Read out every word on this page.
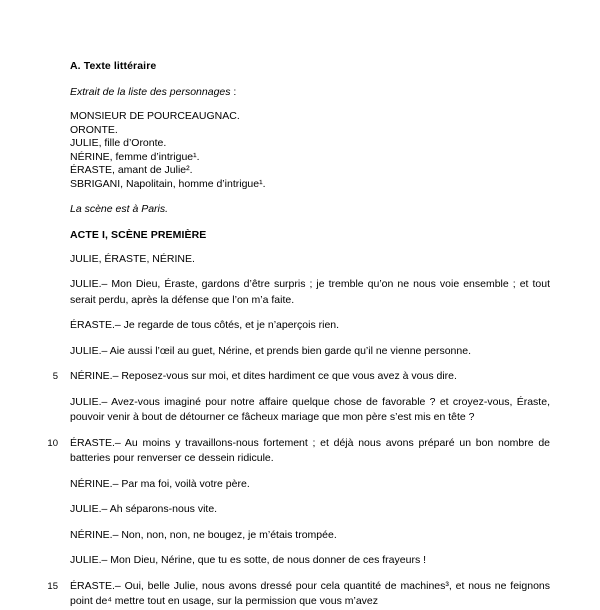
A. Texte littéraire
Extrait de la liste des personnages :
MONSIEUR DE POURCEAUGNAC.
ORONTE.
JULIE, fille d’Oronte.
NÉRINE, femme d’intrigue¹.
ÉRASTE, amant de Julie².
SBRIGANI, Napolitain, homme d’intrigue¹.
La scène est à Paris.
ACTE I, SCÈNE PREMIÈRE
JULIE, ÉRASTE, NÉRINE.
JULIE.– Mon Dieu, Éraste, gardons d’être surpris ; je tremble qu’on ne nous voie ensemble ; et tout serait perdu, après la défense que l’on m’a faite.
ÉRASTE.– Je regarde de tous côtés, et je n’aperçois rien.
JULIE.– Aie aussi l’œil au guet, Nérine, et prends bien garde qu’il ne vienne personne.
5 NÉRINE.– Reposez-vous sur moi, et dites hardiment ce que vous avez à vous dire.
JULIE.– Avez-vous imaginé pour notre affaire quelque chose de favorable ? et croyez-vous, Éraste, pouvoir venir à bout de détourner ce fâcheux mariage que mon père s’est mis en tête ?
10 ÉRASTE.– Au moins y travaillons-nous fortement ; et déjà nous avons préparé un bon nombre de batteries pour renverser ce dessein ridicule.
NÉRINE.– Par ma foi, voilà votre père.
JULIE.– Ah séparons-nous vite.
NÉRINE.– Non, non, non, ne bougez, je m’étais trompée.
JULIE.– Mon Dieu, Nérine, que tu es sotte, de nous donner de ces frayeurs !
15 ÉRASTE.– Oui, belle Julie, nous avons dressé pour cela quantité de machines³, et nous ne feignons point de⁴ mettre tout en usage, sur la permission que vous m’avez
